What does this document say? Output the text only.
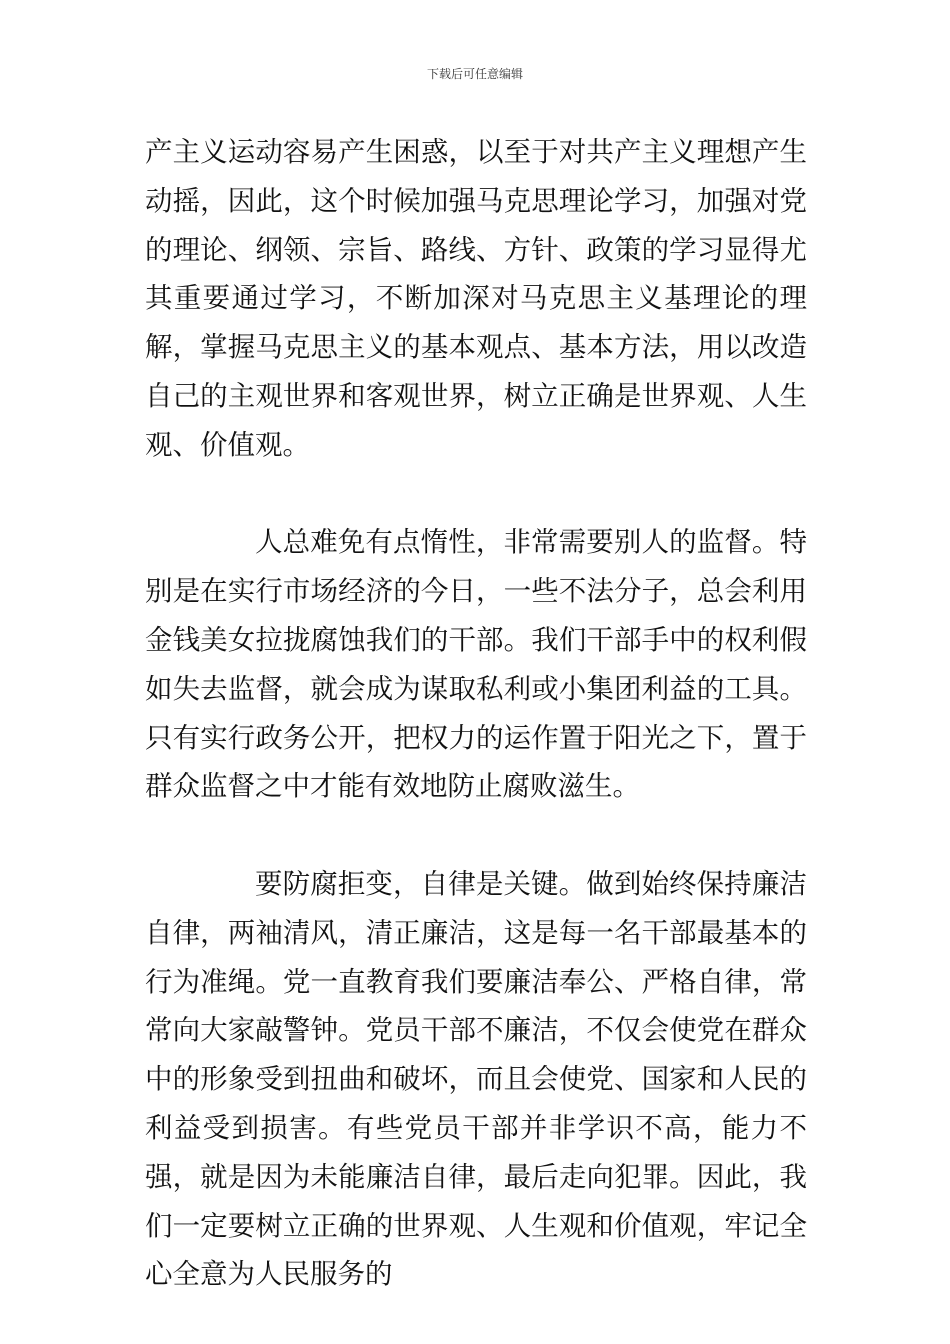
下载后可任意编辑

产主义运动容易产生困惑，以至于对共产主义理想产生动摇，因此，这个时候加强马克思理论学习，加强对党的理论、纲领、宗旨、路线、方针、政策的学习显得尤其重要通过学习，不断加深对马克思主义基理论的理解，掌握马克思主义的基本观点、基本方法，用以改造自己的主观世界和客观世界，树立正确是世界观、人生观、价值观。

人总难免有点惰性，非常需要别人的监督。特别是在实行市场经济的今日，一些不法分子，总会利用金钱美女拉拢腐蚀我们的干部。我们干部手中的权利假如失去监督，就会成为谋取私利或小集团利益的工具。只有实行政务公开，把权力的运作置于阳光之下，置于群众监督之中才能有效地防止腐败滋生。

要防腐拒变，自律是关键。做到始终保持廉洁自律，两袖清风，清正廉洁，这是每一名干部最基本的行为准绳。党一直教育我们要廉洁奉公、严格自律，常常向大家敲警钟。党员干部不廉洁，不仅会使党在群众中的形象受到扭曲和破坏，而且会使党、国家和人民的利益受到损害。有些党员干部并非学识不高，能力不强，就是因为未能廉洁自律，最后走向犯罪。因此，我们一定要树立正确的世界观、人生观和价值观，牢记全心全意为人民服务的
